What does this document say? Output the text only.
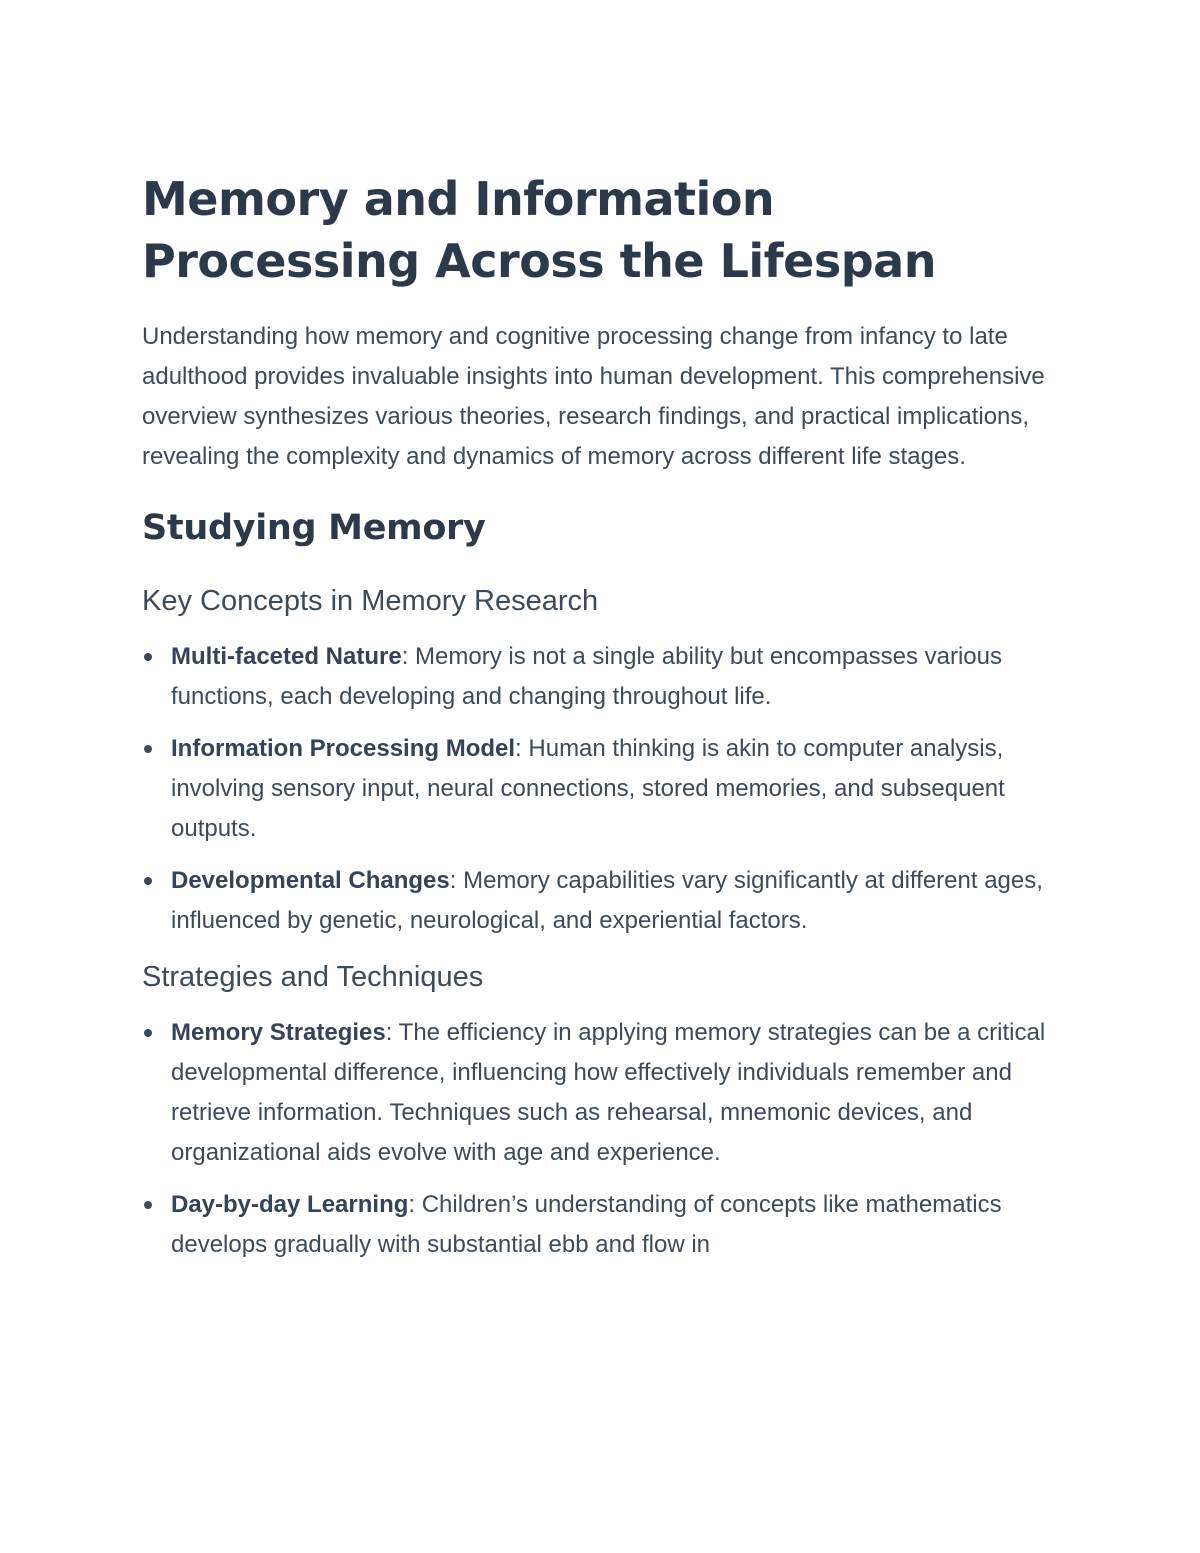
Memory and Information Processing Across the Lifespan

Understanding how memory and cognitive processing change from infancy to late adulthood provides invaluable insights into human development. This comprehensive overview synthesizes various theories, research findings, and practical implications, revealing the complexity and dynamics of memory across different life stages.

Studying Memory
Key Concepts in Memory Research
Multi-faceted Nature: Memory is not a single ability but encompasses various functions, each developing and changing throughout life.
Information Processing Model: Human thinking is akin to computer analysis, involving sensory input, neural connections, stored memories, and subsequent outputs.
Developmental Changes: Memory capabilities vary significantly at different ages, influenced by genetic, neurological, and experiential factors.
Strategies and Techniques
Memory Strategies: The efficiency in applying memory strategies can be a critical developmental difference, influencing how effectively individuals remember and retrieve information. Techniques such as rehearsal, mnemonic devices, and organizational aids evolve with age and experience.
Day-by-day Learning: Children’s understanding of concepts like mathematics develops gradually with substantial ebb and flow in
